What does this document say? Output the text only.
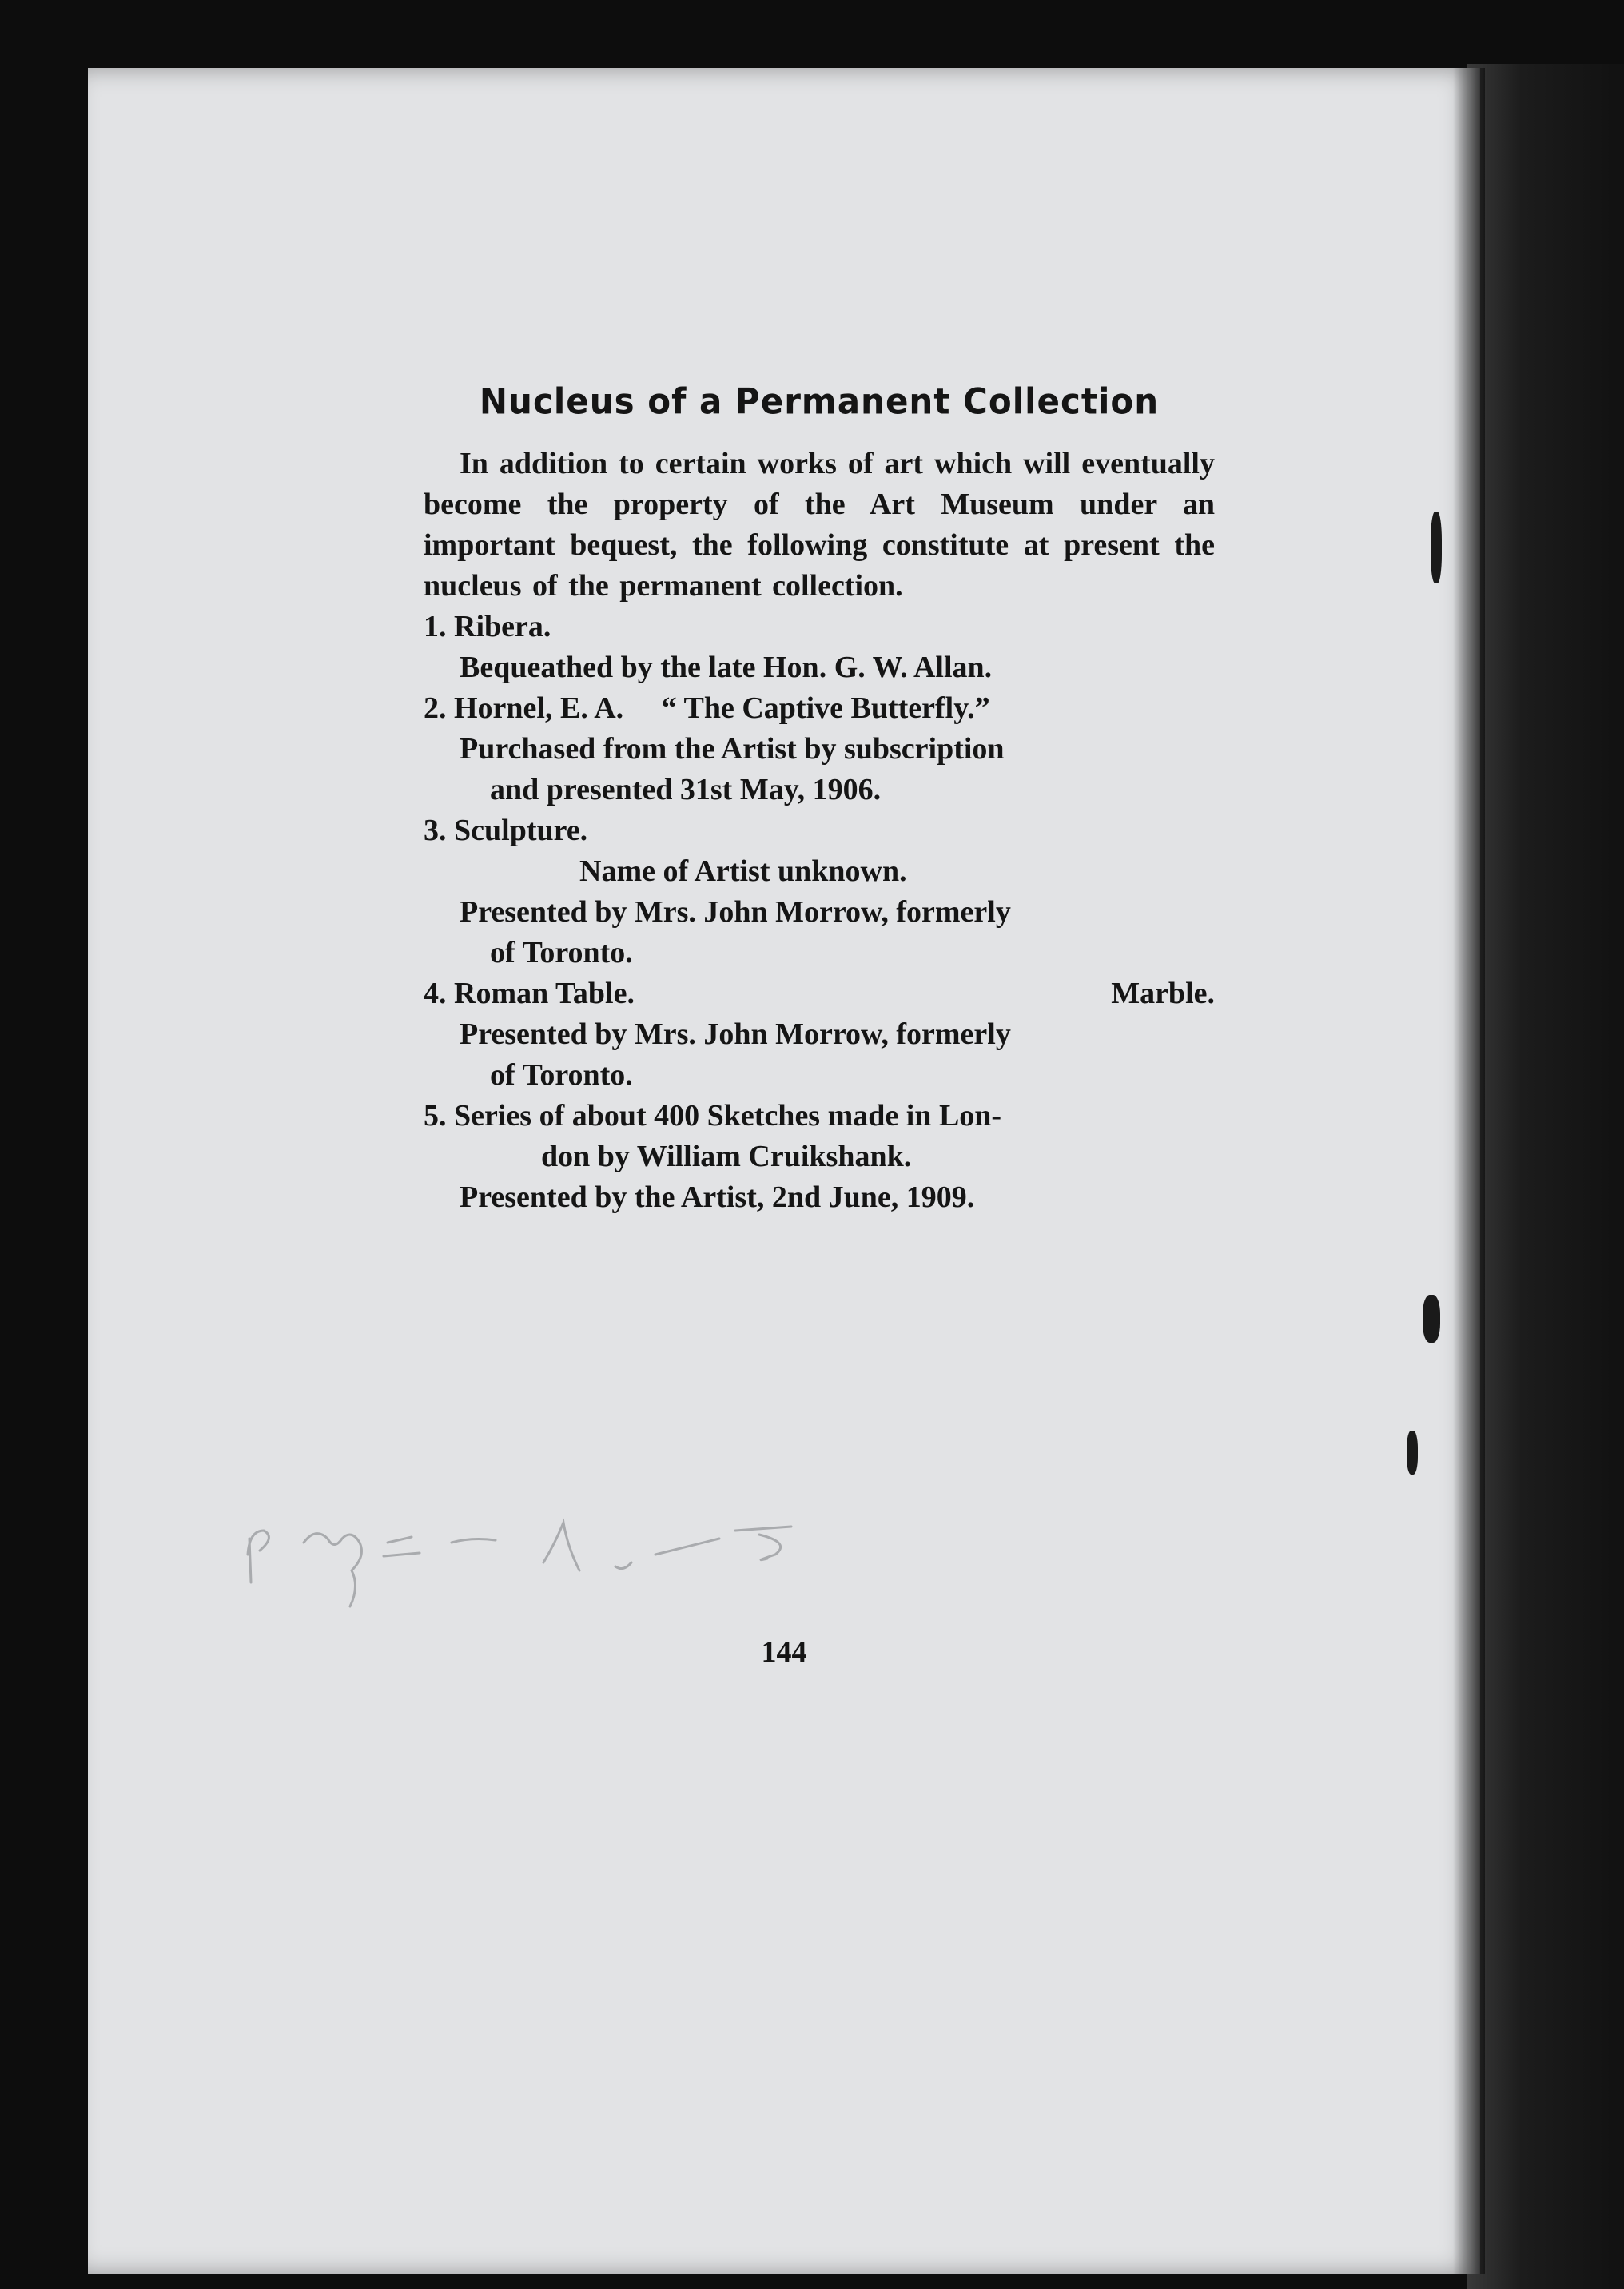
Nucleus of a Permanent Collection

In addition to certain works of art which will eventually become the property of the Art Museum under an important bequest, the following constitute at present the nucleus of the permanent collection.

1. Ribera.
Bequeathed by the late Hon. G. W. Allan.
2. Hornel, E. A.     “ The Captive Butterfly.”
Purchased from the Artist by subscription
and presented 31st May, 1906.
3. Sculpture.
Name of Artist unknown.
Presented by Mrs. John Morrow, formerly
of Toronto.
4. Roman Table.	Marble.
Presented by Mrs. John Morrow, formerly
of Toronto.
5. Series of about 400 Sketches made in Lon-
don by William Cruikshank.
Presented by the Artist, 2nd June, 1909.
144
